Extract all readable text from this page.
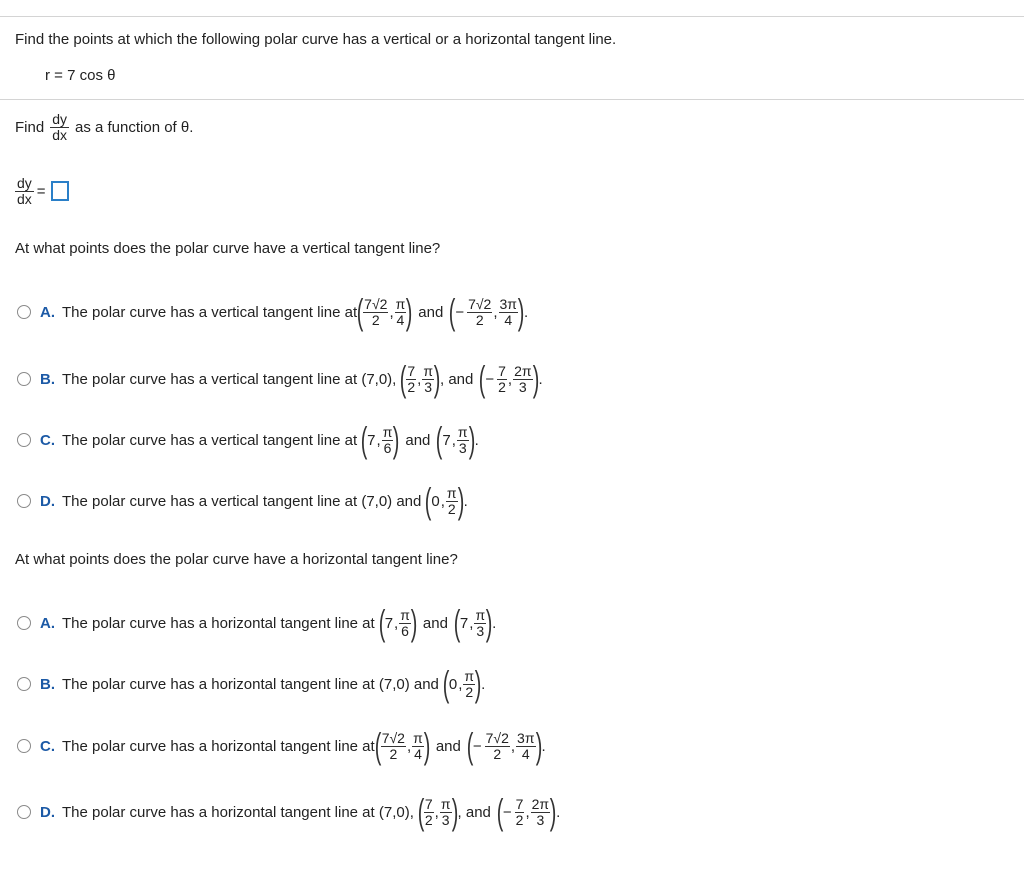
Find the points at which the following polar curve has a vertical or a horizontal tangent line.
r = 7 cos θ
Find $\frac{dy}{dx}$ as a function of θ.
$\frac{dy}{dx}$ =
At what points does the polar curve have a vertical tangent line?
A. The polar curve has a vertical tangent line at ( $\frac{7√2}{2}$ , $\frac{\pi}{4}$ ) and ( − $\frac{7√2}{2}$ , $\frac{3\pi}{4}$ ) .
B. The polar curve has a vertical tangent line at (7,0), ( $\frac{7}{2}$ , $\frac{\pi}{3}$ ) , and ( − $\frac{7}{2}$ , $\frac{2\pi}{3}$ ) .
C. The polar curve has a vertical tangent line at ( 7 , $\frac{\pi}{6}$ ) and ( 7 , $\frac{\pi}{3}$ ) .
D. The polar curve has a vertical tangent line at (7,0) and ( 0 , $\frac{\pi}{2}$ ) .
At what points does the polar curve have a horizontal tangent line?
A. The polar curve has a horizontal tangent line at ( 7 , $\frac{\pi}{6}$ ) and ( 7 , $\frac{\pi}{3}$ ) .
B. The polar curve has a horizontal tangent line at (7,0) and ( 0 , $\frac{\pi}{2}$ ) .
C. The polar curve has a horizontal tangent line at ( $\frac{7√2}{2}$ , $\frac{\pi}{4}$ ) and ( − $\frac{7√2}{2}$ , $\frac{3\pi}{4}$ ) .
D. The polar curve has a horizontal tangent line at (7,0), ( $\frac{7}{2}$ , $\frac{\pi}{3}$ ) , and ( − $\frac{7}{2}$ , $\frac{2\pi}{3}$ ) .
